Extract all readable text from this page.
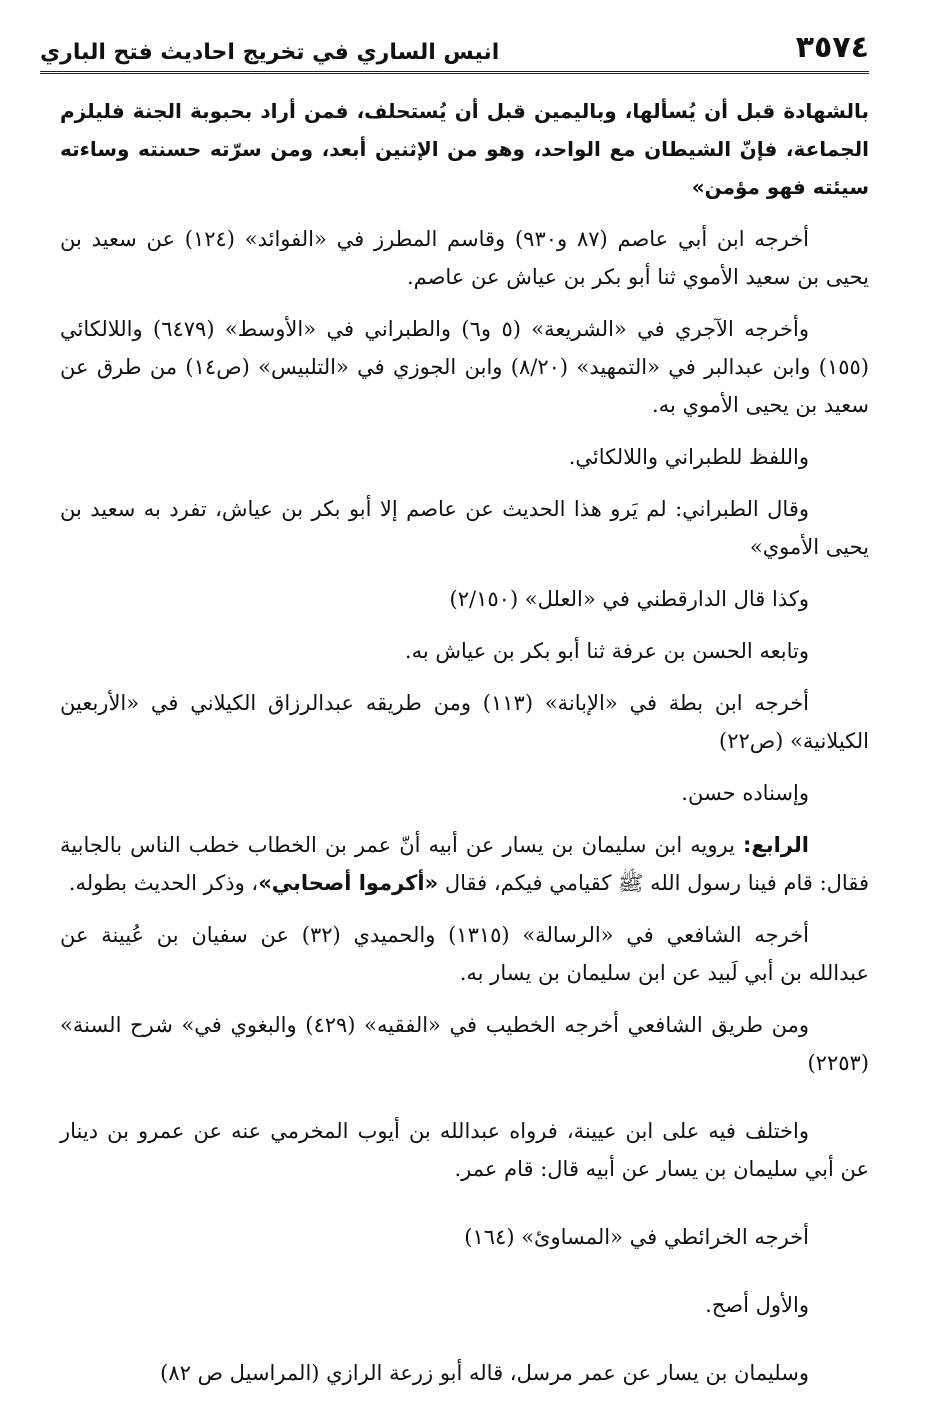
٣٥٧٤
انيس الساري في تخريج احاديث فتح الباري

بالشهادة قبل أن يُسألها، وباليمين قبل أن يُستحلف، فمن أراد بحبوبة الجنة فليلزم الجماعة، فإنّ الشيطان مع الواحد، وهو من الإثنين أبعد، ومن سرّته حسنته وساءته سيئته فهو مؤمن»

أخرجه ابن أبي عاصم (٨٧ و٩٣٠) وقاسم المطرز في «الفوائد» (١٢٤) عن سعيد بن يحيى بن سعيد الأموي ثنا أبو بكر بن عياش عن عاصم.

وأخرجه الآجري في «الشريعة» (٥ و٦) والطبراني في «الأوسط» (٦٤٧٩) واللالكائي (١٥٥) وابن عبدالبر في «التمهيد» (٨/٢٠) وابن الجوزي في «التلبيس» (ص١٤) من طرق عن سعيد بن يحيى الأموي به.

واللفظ للطبراني واللالكائي.

وقال الطبراني: لم يَرو هذا الحديث عن عاصم إلا أبو بكر بن عياش، تفرد به سعيد بن يحيى الأموي»

وكذا قال الدارقطني في «العلل» (٢/١٥٠)

وتابعه الحسن بن عرفة ثنا أبو بكر بن عياش به.

أخرجه ابن بطة في «الإبانة» (١١٣) ومن طريقه عبدالرزاق الكيلاني في «الأربعين الكيلانية» (ص٢٢)

وإسناده حسن.

الرابع: يرويه ابن سليمان بن يسار عن أبيه أنّ عمر بن الخطاب خطب الناس بالجابية فقال: قام فينا رسول الله ﷺ كقيامي فيكم، فقال «أكرموا أصحابي»، وذكر الحديث بطوله.

أخرجه الشافعي في «الرسالة» (١٣١٥) والحميدي (٣٢) عن سفيان بن عُيينة عن عبدالله بن أبي لَبيد عن ابن سليمان بن يسار به.

ومن طريق الشافعي أخرجه الخطيب في «الفقيه» (٤٢٩) والبغوي في» شرح السنة» (٢٢٥٣)

واختلف فيه على ابن عيينة، فرواه عبدالله بن أيوب المخرمي عنه عن عمرو بن دينار عن أبي سليمان بن يسار عن أبيه قال: قام عمر.

أخرجه الخرائطي في «المساوئ» (١٦٤)

والأول أصح.

وسليمان بن يسار عن عمر مرسل، قاله أبو زرعة الرازي (المراسيل ص ٨٢)
